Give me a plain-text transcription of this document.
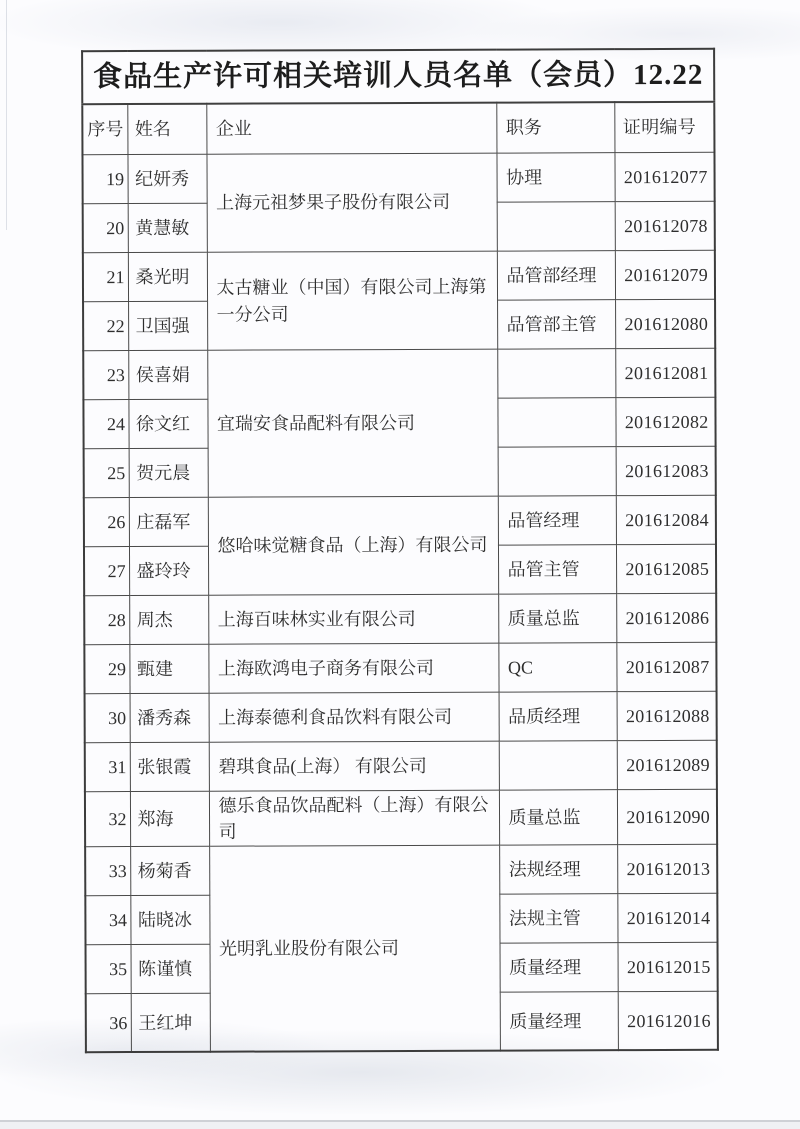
食品生产许可相关培训人员名单（会员）12.22				
序号	姓名	企业	职务	证明编号
19	纪妍秀	上海元祖梦果子股份有限公司	协理	201612077
20	黄慧敏			201612078
21	桑光明	太古糖业（中国）有限公司上海第一分公司	品管部经理	201612079
22	卫国强		品管部主管	201612080
23	侯喜娟	宜瑞安食品配料有限公司		201612081
24	徐文红			201612082
25	贺元晨			201612083
26	庄磊军	悠哈味觉糖食品（上海）有限公司	品管经理	201612084
27	盛玲玲		品管主管	201612085
28	周杰	上海百味林实业有限公司	质量总监	201612086
29	甄建	上海欧鸿电子商务有限公司	QC	201612087
30	潘秀森	上海泰德利食品饮料有限公司	品质经理	201612088
31	张银霞	碧琪食品(上海） 有限公司		201612089
32	郑海	德乐食品饮品配料（上海）有限公司	质量总监	201612090
33	杨菊香	光明乳业股份有限公司	法规经理	201612013
34	陆晓冰		法规主管	201612014
35	陈谨慎		质量经理	201612015
36	王红坤		质量经理	201612016
